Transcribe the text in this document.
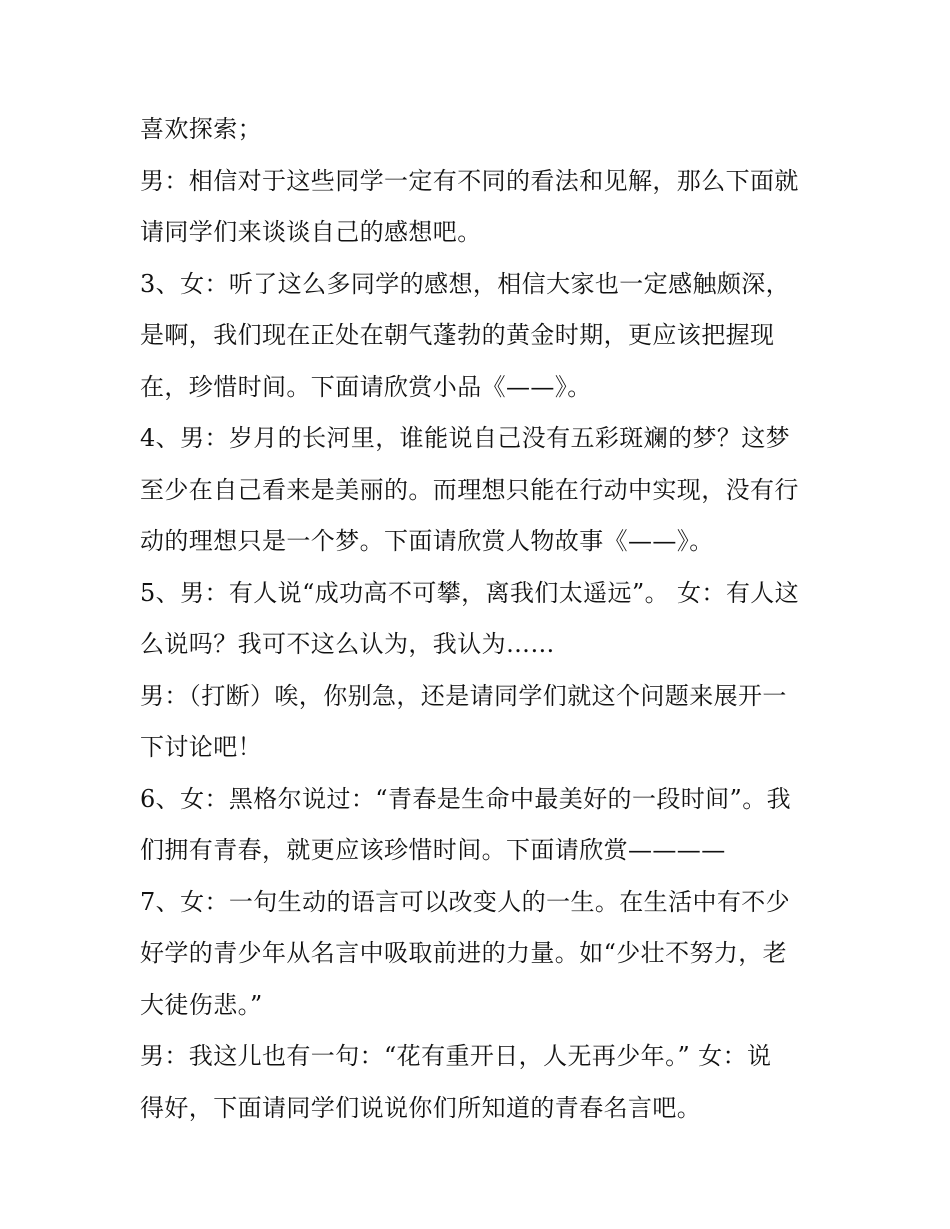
喜欢探索；
男：相信对于这些同学一定有不同的看法和见解，那么下面就
请同学们来谈谈自己的感想吧。
3、女：听了这么多同学的感想，相信大家也一定感触颇深，
是啊，我们现在正处在朝气蓬勃的黄金时期，更应该把握现
在，珍惜时间。下面请欣赏小品《——》。
4、男：岁月的长河里，谁能说自己没有五彩斑斓的梦？这梦
至少在自己看来是美丽的。而理想只能在行动中实现，没有行
动的理想只是一个梦。下面请欣赏人物故事《——》。
5、男：有人说“成功高不可攀，离我们太遥远”。 女：有人这
么说吗？我可不这么认为，我认为……
男：（打断）唉，你别急，还是请同学们就这个问题来展开一
下讨论吧！
6、女：黑格尔说过：“青春是生命中最美好的一段时间”。我
们拥有青春，就更应该珍惜时间。下面请欣赏————
7、女：一句生动的语言可以改变人的一生。在生活中有不少
好学的青少年从名言中吸取前进的力量。如“少壮不努力，老
大徒伤悲。”
男：我这儿也有一句：“花有重开日，人无再少年。” 女：说
得好，下面请同学们说说你们所知道的青春名言吧。
